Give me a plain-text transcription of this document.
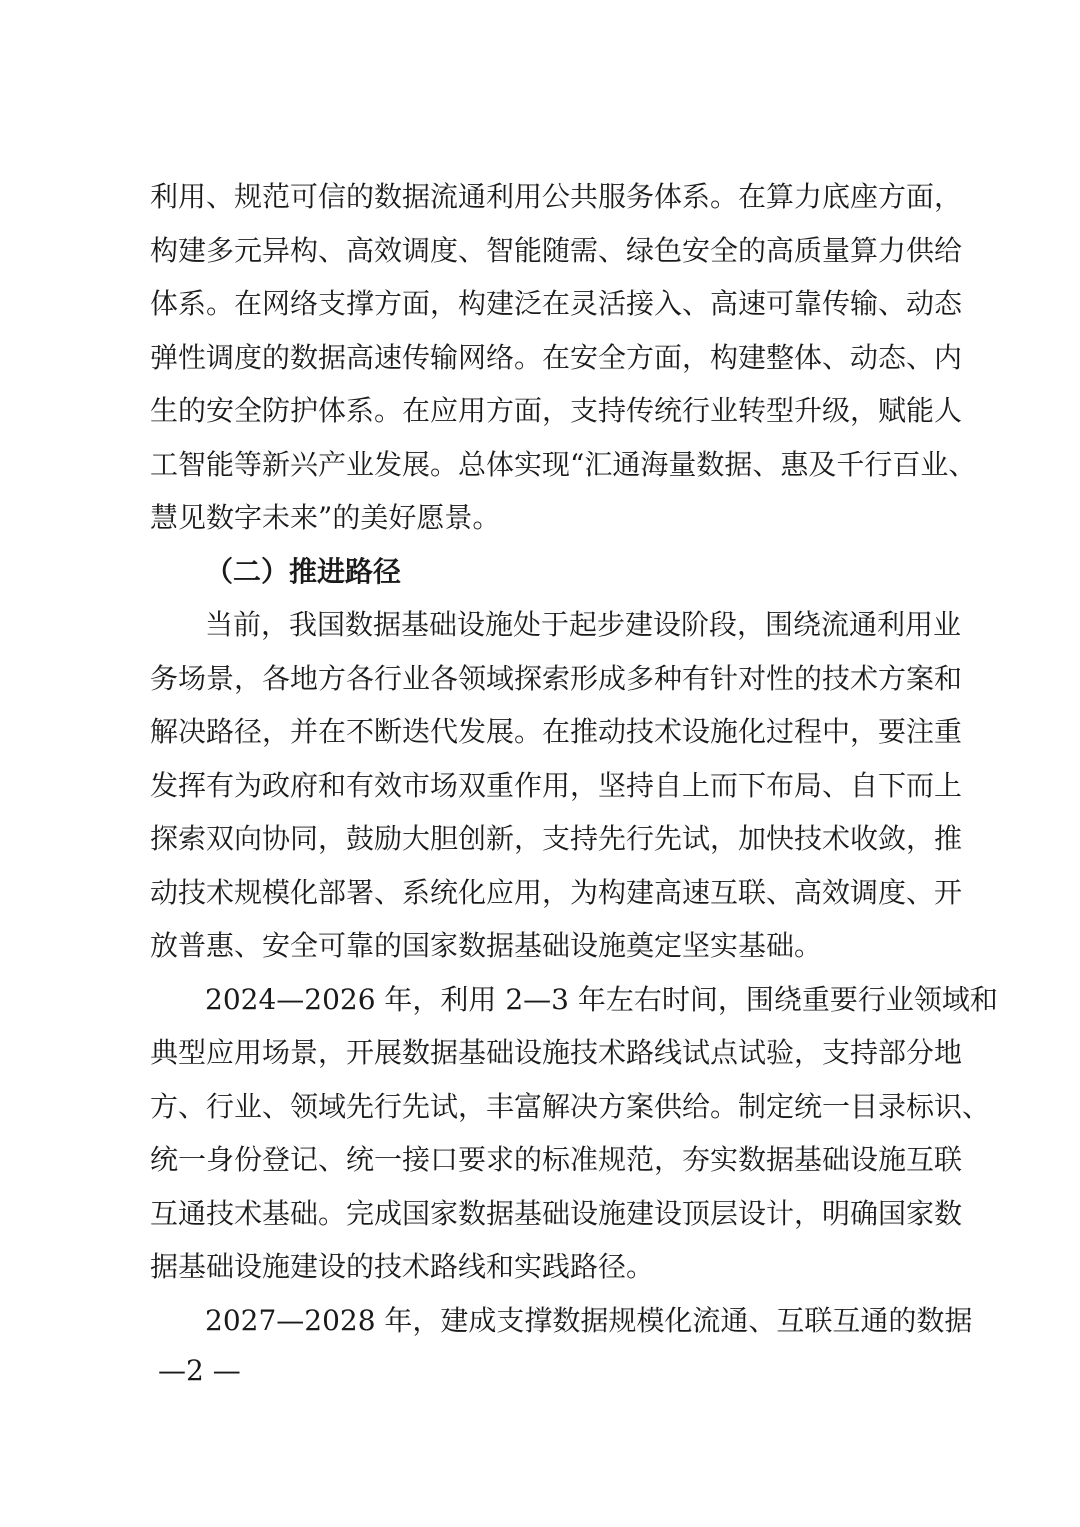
利用、规范可信的数据流通利用公共服务体系。在算力底座方面，
构建多元异构、高效调度、智能随需、绿色安全的高质量算力供给
体系。在网络支撑方面，构建泛在灵活接入、高速可靠传输、动态
弹性调度的数据高速传输网络。在安全方面，构建整体、动态、内
生的安全防护体系。在应用方面，支持传统行业转型升级，赋能人
工智能等新兴产业发展。总体实现“汇通海量数据、惠及千行百业、
慧见数字未来”的美好愿景。
（二）推进路径
当前，我国数据基础设施处于起步建设阶段，围绕流通利用业
务场景，各地方各行业各领域探索形成多种有针对性的技术方案和
解决路径，并在不断迭代发展。在推动技术设施化过程中，要注重
发挥有为政府和有效市场双重作用，坚持自上而下布局、自下而上
探索双向协同，鼓励大胆创新，支持先行先试，加快技术收敛，推
动技术规模化部署、系统化应用，为构建高速互联、高效调度、开
放普惠、安全可靠的国家数据基础设施奠定坚实基础。
2024—2026 年，利用 2—3 年左右时间，围绕重要行业领域和
典型应用场景，开展数据基础设施技术路线试点试验，支持部分地
方、行业、领域先行先试，丰富解决方案供给。制定统一目录标识、
统一身份登记、统一接口要求的标准规范，夯实数据基础设施互联
互通技术基础。完成国家数据基础设施建设顶层设计，明确国家数
据基础设施建设的技术路线和实践路径。
2027—2028 年，建成支撑数据规模化流通、互联互通的数据
—2 —
